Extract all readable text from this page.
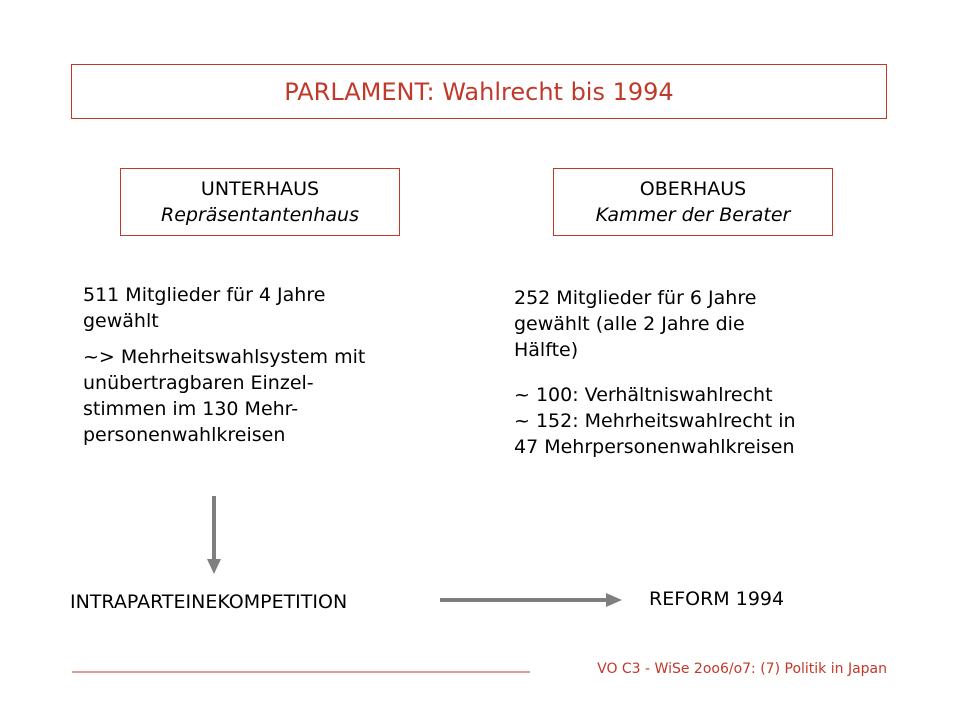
PARLAMENT: Wahlrecht bis 1994
UNTERHAUS
Repräsentantenhaus
OBERHAUS
Kammer der Berater

511 Mitglieder für 4 Jahre
gewählt

~> Mehrheitswahlsystem mit
unübertragbaren Einzel-
stimmen im 130 Mehr-
personenwahlkreisen

252 Mitglieder für 6 Jahre
gewählt (alle 2 Jahre die
Hälfte)

~ 100: Verhältniswahlrecht
~ 152: Mehrheitswahlrecht in
47 Mehrpersonenwahlkreisen

INTRAPARTEINEKOMPETITION	REFORM 1994
VO C3 - WiSe 2oo6/o7: (7) Politik in Japan
